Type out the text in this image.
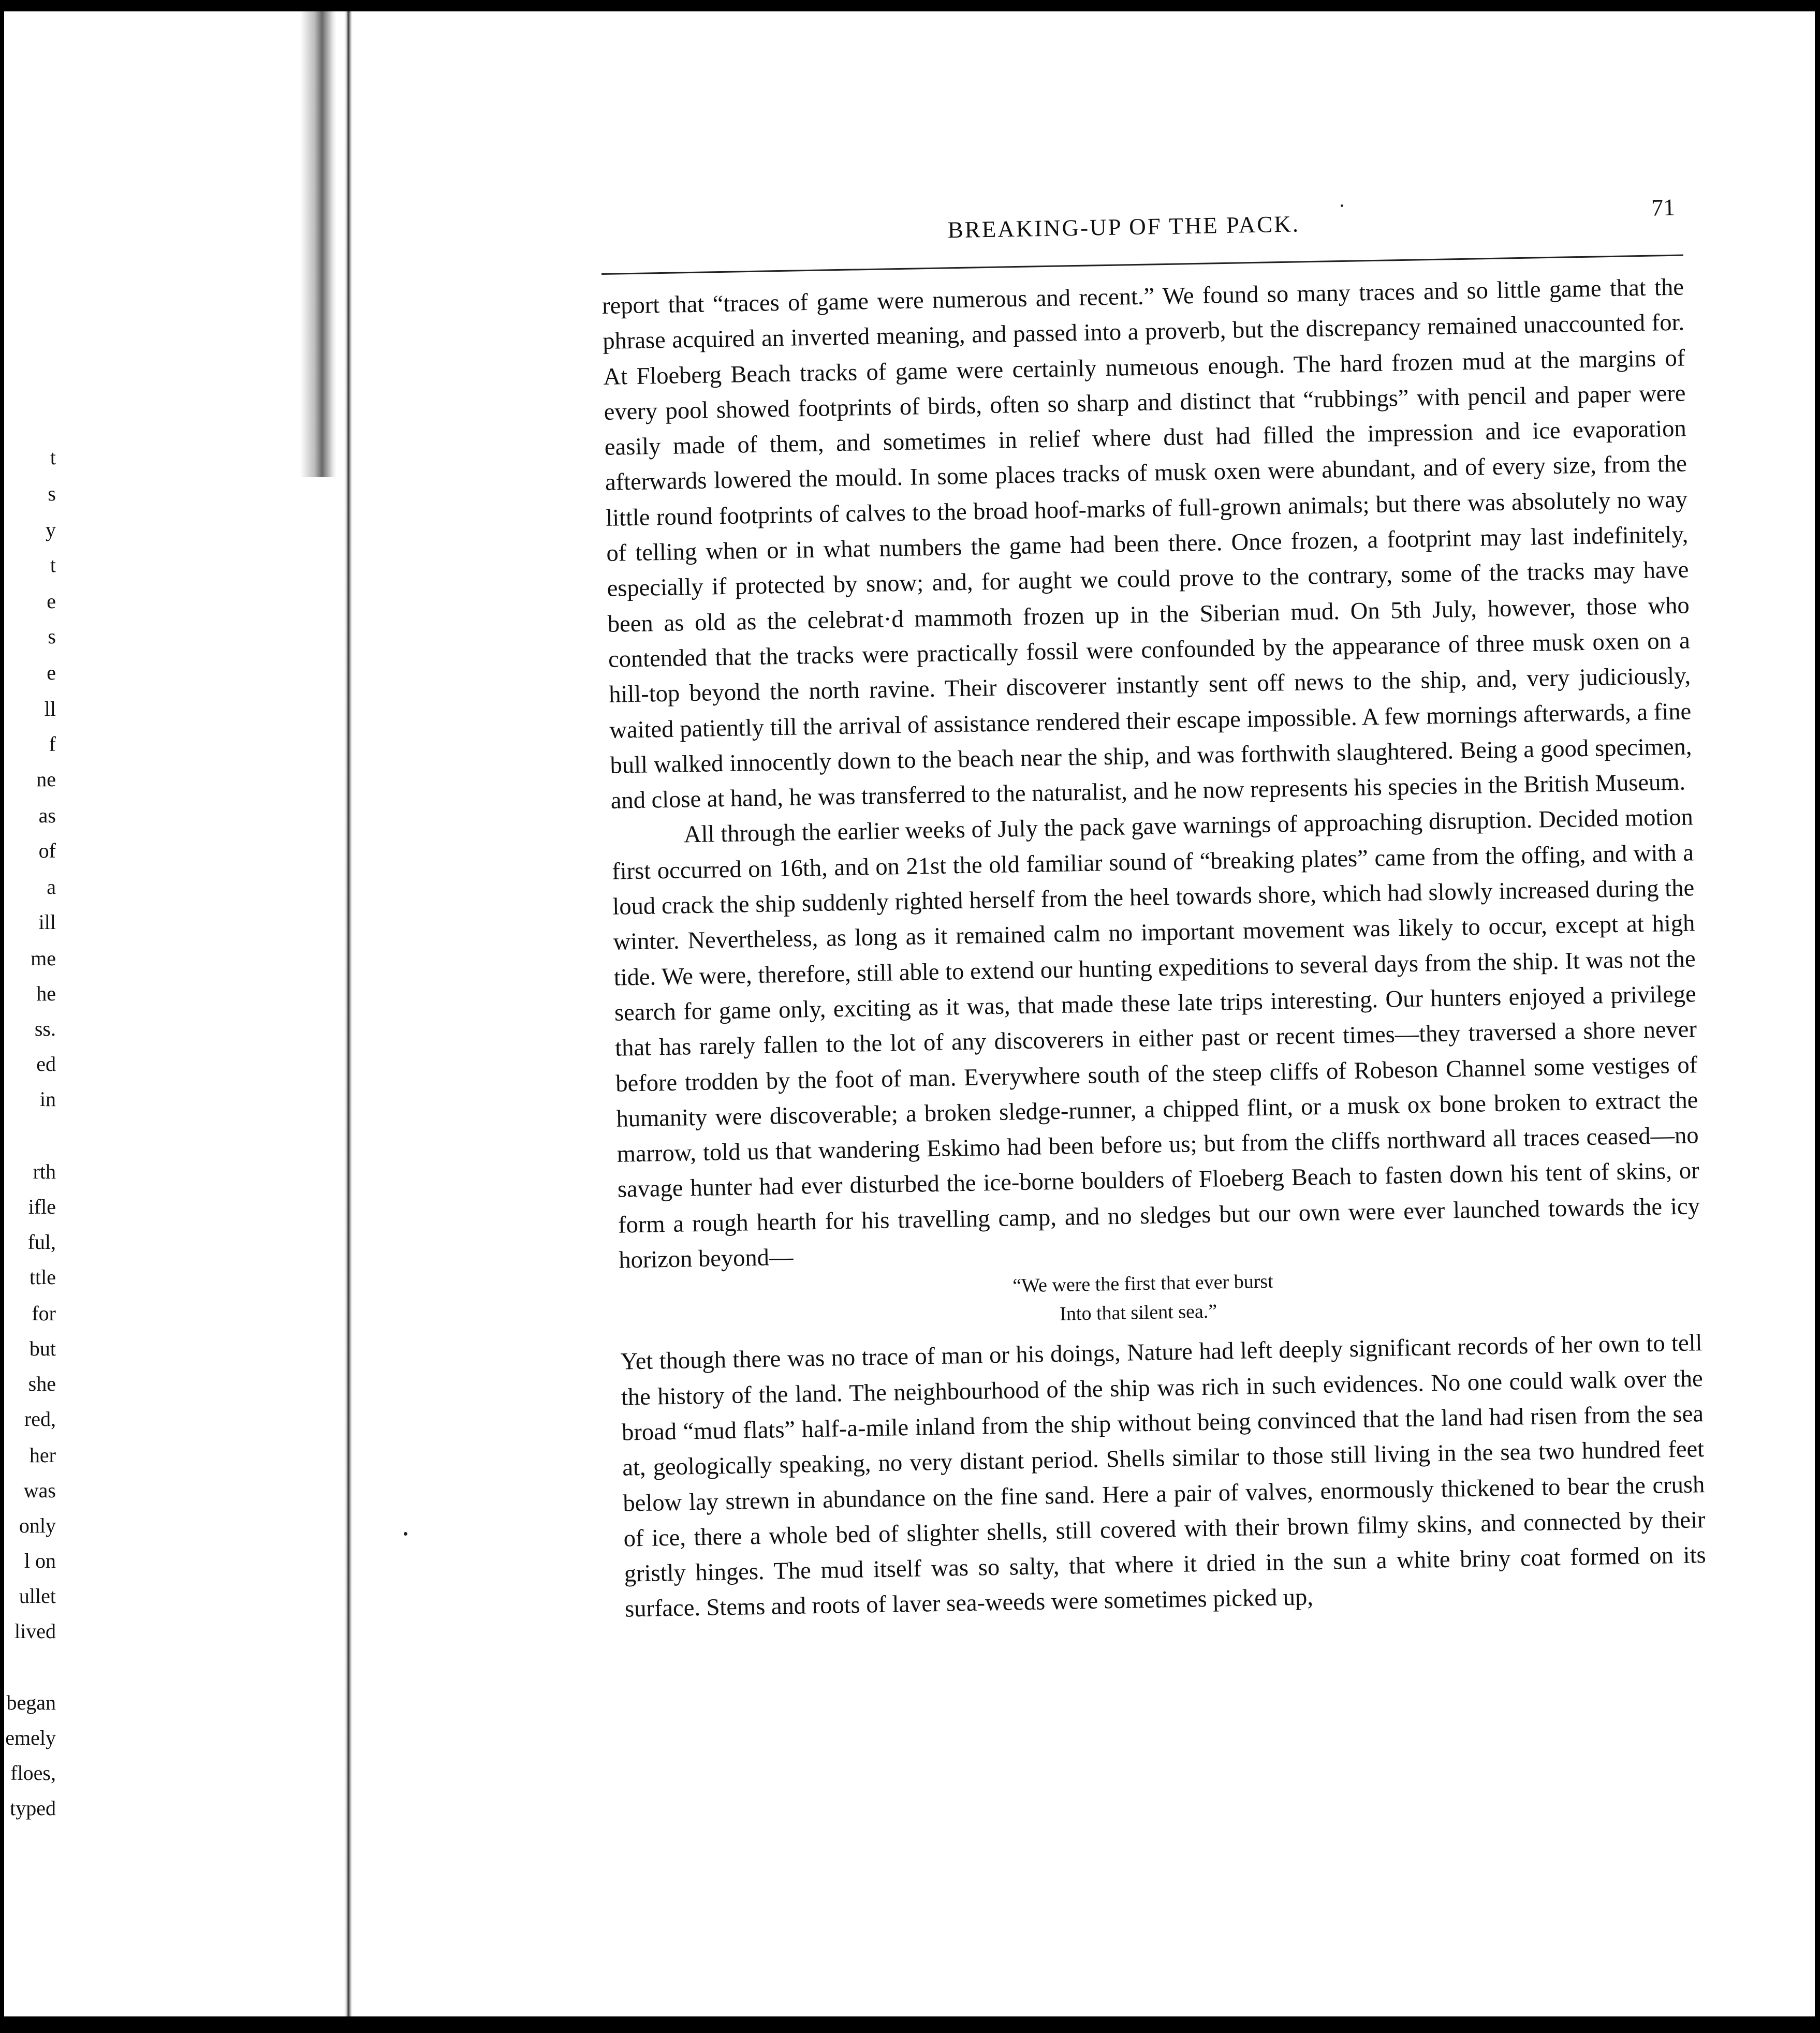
t
s
y
t
e
s
e
ll
f
ne
as
of
a
ill
me
he
ss.
ed
in
rth
ifle
ful,
ttle
for
but
she
red,
her
was
only
l on
ullet
lived
began
emely
floes,
typed
BREAKING-UP OF THE PACK.
71

report that “traces of game were numerous and recent.” We found so many traces and so little game that the phrase acquired an inverted meaning, and passed into a proverb, but the discrepancy remained unaccounted for. At Floeberg Beach tracks of game were certainly numeιous enough. The hard frozen mud at the margins of every pool showed footprints of birds, often so sharp and distinct that “rubbings” with pencil and paper were easily made of them, and sometimes in relief where dust had filled the impression and ice evaporation afterwards lowered the mould. In some places tracks of musk oxen were abundant, and of every size, from the little round footprints of calves to the broad hoof-marks of full-grown animals; but there was absolutely no way of telling when or in what numbers the game had been there. Once frozen, a footprint may last indefinitely, especially if protected by snow; and, for aught we could prove to the contrary, some of the tracks may have been as old as the celebrat·d mammoth frozen up in the Siberian mud. On 5th July, however, those who contended that the tracks were practically fossil were confounded by the appearance of three musk oxen on a hill-top beyond the north ravine. Their discoverer instantly sent off news to the ship, and, very judiciously, waited patiently till the arrival of assistance rendered their escape impossible. A few mornings afterwards, a fine bull walked innocently down to the beach near the ship, and was forthwith slaughtered. Being a good specimen, and close at hand, he was transferred to the naturalist, and he now represents his species in the British Museum.

All through the earlier weeks of July the pack gave warnings of approaching disruption. Decided motion first occurred on 16th, and on 21st the old familiar sound of “breaking plates” came from the offing, and with a loud crack the ship suddenly righted herself from the heel towards shore, which had slowly increased during the winter. Nevertheless, as long as it remained calm no important movement was likely to occur, except at high tide. We were, therefore, still able to extend our hunting expeditions to several days from the ship. It was not the search for game only, exciting as it was, that made these late trips interesting. Our hunters enjoyed a privilege that has rarely fallen to the lot of any discoverers in either past or recent times—they traversed a shore never before trodden by the foot of man. Everywhere south of the steep cliffs of Robeson Channel some vestiges of humanity were discoverable; a broken sledge-runner, a chipped flint, or a musk ox bone broken to extract the marrow, told us that wandering Eskimo had been before us; but from the cliffs northward all traces ceased—no savage hunter had ever disturbed the ice-borne boulders of Floeberg Beach to fasten down his tent of skins, or form a rough hearth for his travelling camp, and no sledges but our own were ever launched towards the icy horizon beyond—

“We were the first that ever burst
Into that silent sea.”

Yet though there was no trace of man or his doings, Nature had left deeply significant records of her own to tell the history of the land. The neighbourhood of the ship was rich in such evidences. No one could walk over the broad “mud flats” half-a-mile inland from the ship without being convinced that the land had risen from the sea at, geologically speaking, no very distant period. Shells similar to those still living in the sea two hundred feet below lay strewn in abundance on the fine sand. Here a pair of valves, enormously thickened to bear the crush of ice, there a whole bed of slighter shells, still covered with their brown filmy skins, and connected by their gristly hinges. The mud itself was so salty, that where it dried in the sun a white briny coat formed on its surface. Stems and roots of laver sea-weeds were sometimes picked up,
